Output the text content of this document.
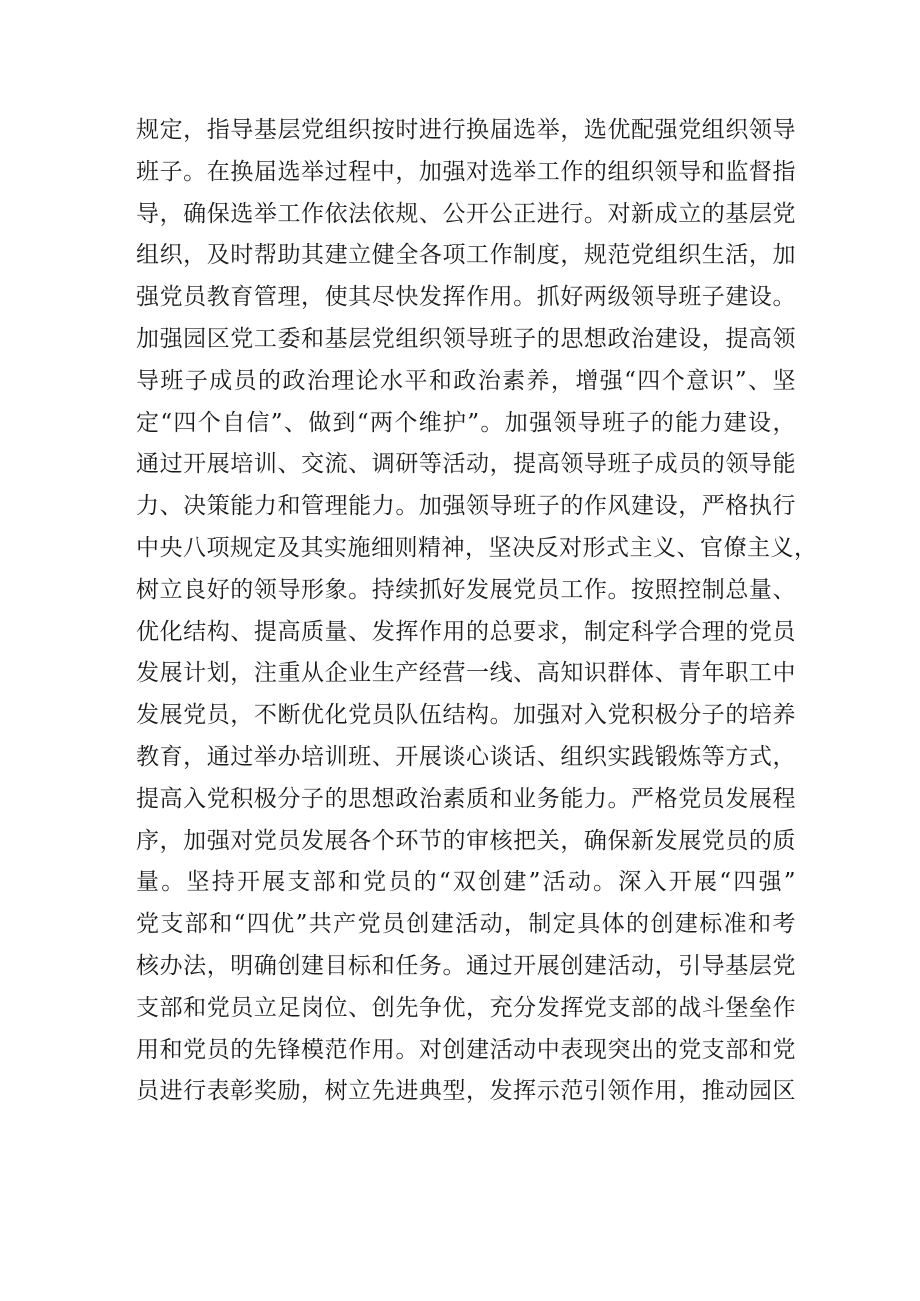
规定，指导基层党组织按时进行换届选举，选优配强党组织领导
班子。在换届选举过程中，加强对选举工作的组织领导和监督指
导，确保选举工作依法依规、公开公正进行。对新成立的基层党
组织，及时帮助其建立健全各项工作制度，规范党组织生活，加
强党员教育管理，使其尽快发挥作用。抓好两级领导班子建设。
加强园区党工委和基层党组织领导班子的思想政治建设，提高领
导班子成员的政治理论水平和政治素养，增强“四个意识”、坚
定“四个自信”、做到“两个维护”。加强领导班子的能力建设，
通过开展培训、交流、调研等活动，提高领导班子成员的领导能
力、决策能力和管理能力。加强领导班子的作风建设，严格执行
中央八项规定及其实施细则精神，坚决反对形式主义、官僚主义，
树立良好的领导形象。持续抓好发展党员工作。按照控制总量、
优化结构、提高质量、发挥作用的总要求，制定科学合理的党员
发展计划，注重从企业生产经营一线、高知识群体、青年职工中
发展党员，不断优化党员队伍结构。加强对入党积极分子的培养
教育，通过举办培训班、开展谈心谈话、组织实践锻炼等方式，
提高入党积极分子的思想政治素质和业务能力。严格党员发展程
序，加强对党员发展各个环节的审核把关，确保新发展党员的质
量。坚持开展支部和党员的“双创建”活动。深入开展“四强”
党支部和“四优”共产党员创建活动，制定具体的创建标准和考
核办法，明确创建目标和任务。通过开展创建活动，引导基层党
支部和党员立足岗位、创先争优，充分发挥党支部的战斗堡垒作
用和党员的先锋模范作用。对创建活动中表现突出的党支部和党
员进行表彰奖励，树立先进典型，发挥示范引领作用，推动园区
